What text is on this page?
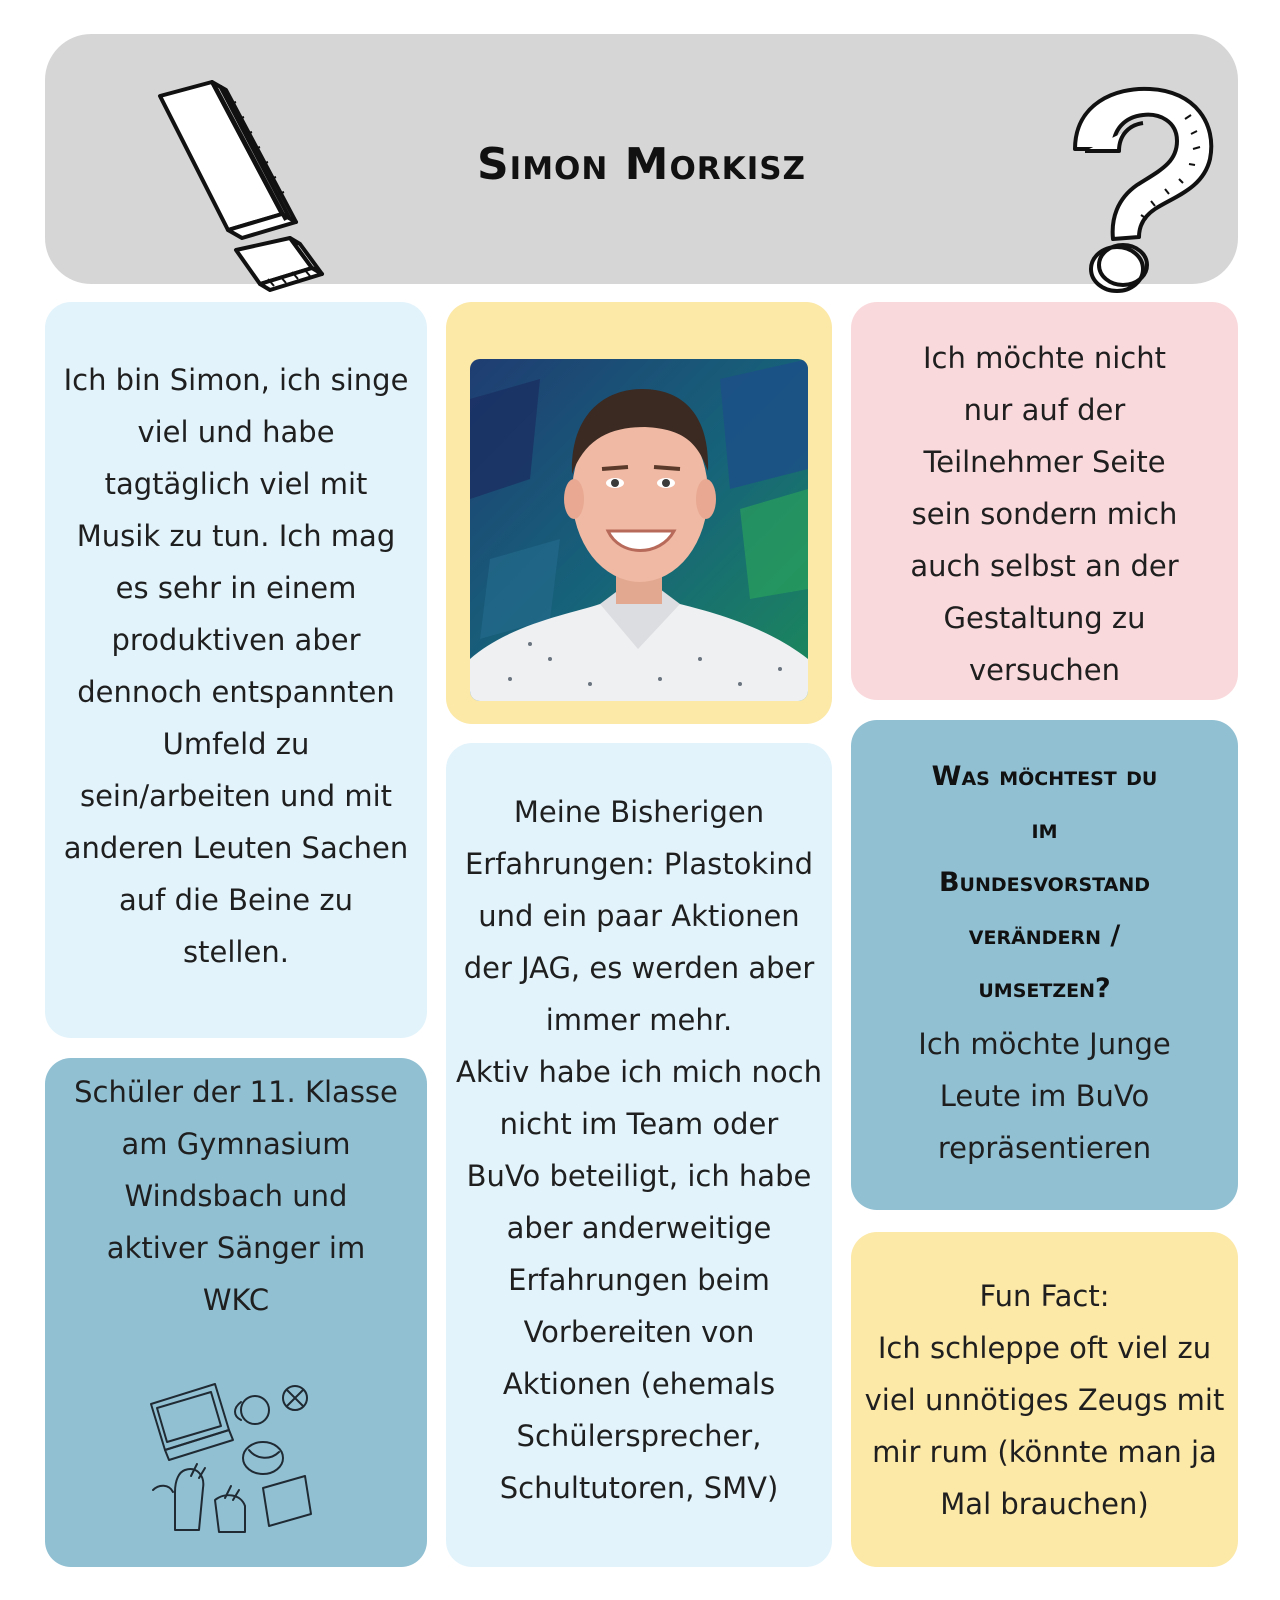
Simon Morkisz
Ich bin Simon, ich singe
viel und habe
tagtäglich viel mit
Musik zu tun. Ich mag
es sehr in einem
produktiven aber
dennoch entspannten
Umfeld zu
sein/arbeiten und mit
anderen Leuten Sachen
auf die Beine zu
stellen.
Ich möchte nicht
nur auf der
Teilnehmer Seite
sein sondern mich
auch selbst an der
Gestaltung zu
versuchen
Was möchtest du
im
Bundesvorstand
verändern /
umsetzen?
Ich möchte Junge
Leute im BuVo
repräsentieren
Meine Bisherigen
Erfahrungen: Plastokind
und ein paar Aktionen
der JAG, es werden aber
immer mehr.
Aktiv habe ich mich noch
nicht im Team oder
BuVo beteiligt, ich habe
aber anderweitige
Erfahrungen beim
Vorbereiten von
Aktionen (ehemals
Schülersprecher,
Schultutoren, SMV)
Schüler der 11. Klasse
am Gymnasium
Windsbach und
aktiver Sänger im
WKC	Fun Fact:
Ich schleppe oft viel zu
viel unnötiges Zeugs mit
mir rum (könnte man ja
Mal brauchen)
